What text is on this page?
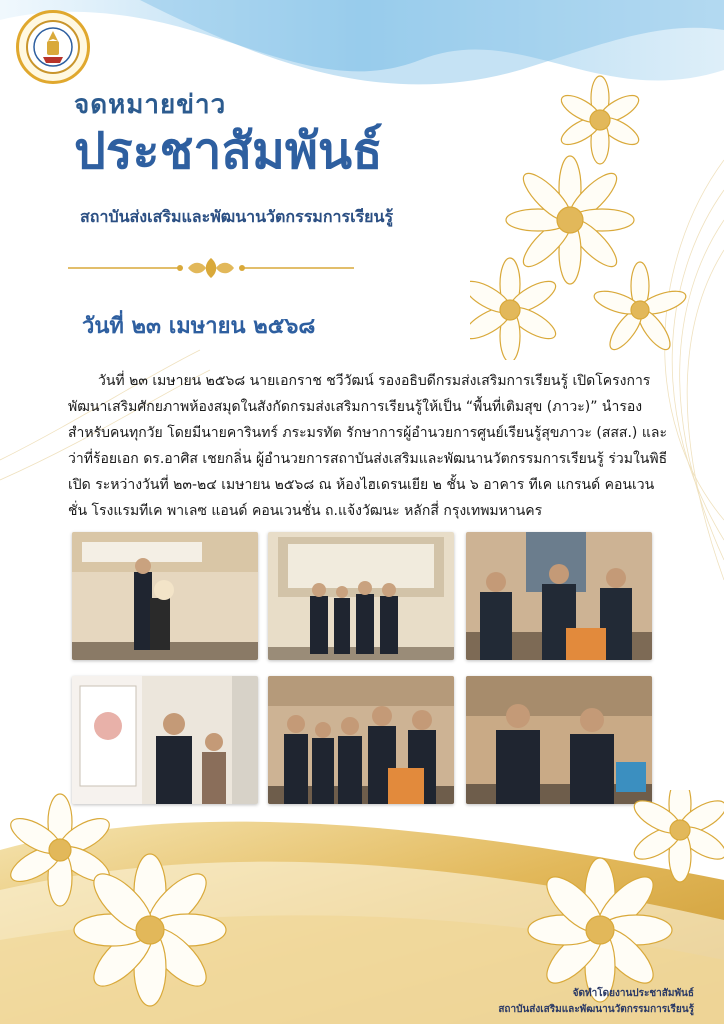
จดหมายข่าว
ประชาสัมพันธ์
สถาบันส่งเสริมและพัฒนานวัตกรรมการเรียนรู้
วันที่ ๒๓ เมษายน ๒๕๖๘

วันที่ ๒๓ เมษายน ๒๕๖๘ นายเอกราช ชวีวัฒน์ รองอธิบดีกรมส่งเสริมการเรียนรู้ เปิดโครงการพัฒนาเสริมศักยภาพห้องสมุดในสังกัดกรมส่งเสริมการเรียนรู้ให้เป็น “พื้นที่เติมสุข (ภาวะ)” นำรองสำหรับคนทุกวัย โดยมีนายคารินทร์ ภระมรทัต รักษาการผู้อำนวยการศูนย์เรียนรู้สุขภาวะ (สสส.) และ ว่าที่ร้อยเอก ดร.อาศิส เชยกลิ่น ผู้อำนวยการสถาบันส่งเสริมและพัฒนานวัตกรรมการเรียนรู้ ร่วมในพิธีเปิด ระหว่างวันที่ ๒๓-๒๔ เมษายน ๒๕๖๘ ณ ห้องไฮเดรนเยีย ๒ ชั้น ๖ อาคาร ทีเค แกรนด์ คอนเวนชั่น โรงแรมทีเค พาเลซ แอนด์ คอนเวนชั่น ถ.แจ้งวัฒนะ หลักสี่ กรุงเทพมหานคร

จัดทำโดยงานประชาสัมพันธ์

สถาบันส่งเสริมและพัฒนานวัตกรรมการเรียนรู้
